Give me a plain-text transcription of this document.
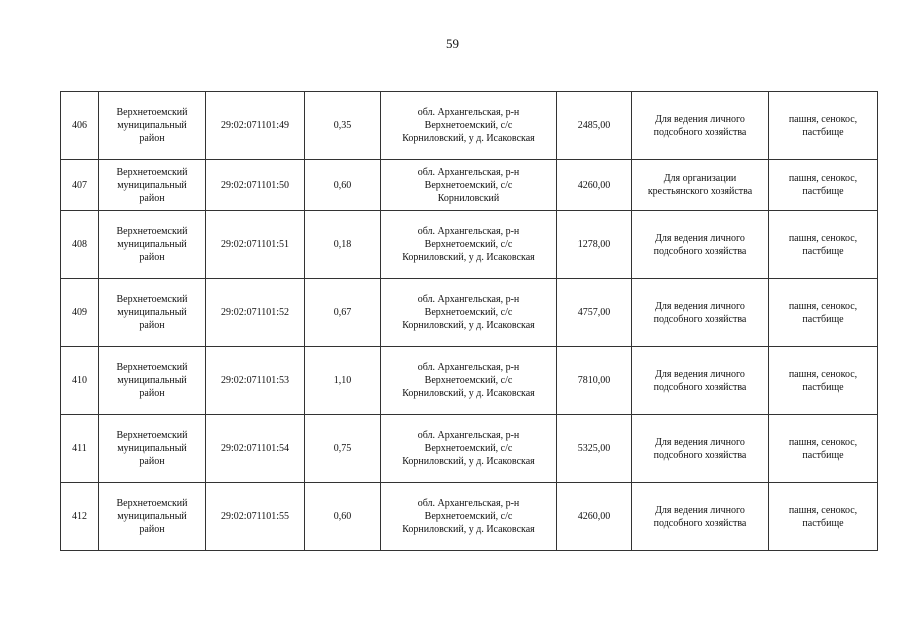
59
406	Верхнетоемский
муниципальный
район	29:02:071101:49	0,35	обл. Архангельская, р-н
Верхнетоемский, с/с
Корниловский, у д. Исаковская	2485,00	Для ведения личного
подсобного хозяйства	пашня, сенокос,
пастбище
407	Верхнетоемский
муниципальный
район	29:02:071101:50	0,60	обл. Архангельская, р-н
Верхнетоемский, с/с
Корниловский	4260,00	Для организации
крестьянского хозяйства	пашня, сенокос,
пастбище
408	Верхнетоемский
муниципальный
район	29:02:071101:51	0,18	обл. Архангельская, р-н
Верхнетоемский, с/с
Корниловский, у д. Исаковская	1278,00	Для ведения личного
подсобного хозяйства	пашня, сенокос,
пастбище
409	Верхнетоемский
муниципальный
район	29:02:071101:52	0,67	обл. Архангельская, р-н
Верхнетоемский, с/с
Корниловский, у д. Исаковская	4757,00	Для ведения личного
подсобного хозяйства	пашня, сенокос,
пастбище
410	Верхнетоемский
муниципальный
район	29:02:071101:53	1,10	обл. Архангельская, р-н
Верхнетоемский, с/с
Корниловский, у д. Исаковская	7810,00	Для ведения личного
подсобного хозяйства	пашня, сенокос,
пастбище
411	Верхнетоемский
муниципальный
район	29:02:071101:54	0,75	обл. Архангельская, р-н
Верхнетоемский, с/с
Корниловский, у д. Исаковская	5325,00	Для ведения личного
подсобного хозяйства	пашня, сенокос,
пастбище
412	Верхнетоемский
муниципальный
район	29:02:071101:55	0,60	обл. Архангельская, р-н
Верхнетоемский, с/с
Корниловский, у д. Исаковская	4260,00	Для ведения личного
подсобного хозяйства	пашня, сенокос,
пастбище
